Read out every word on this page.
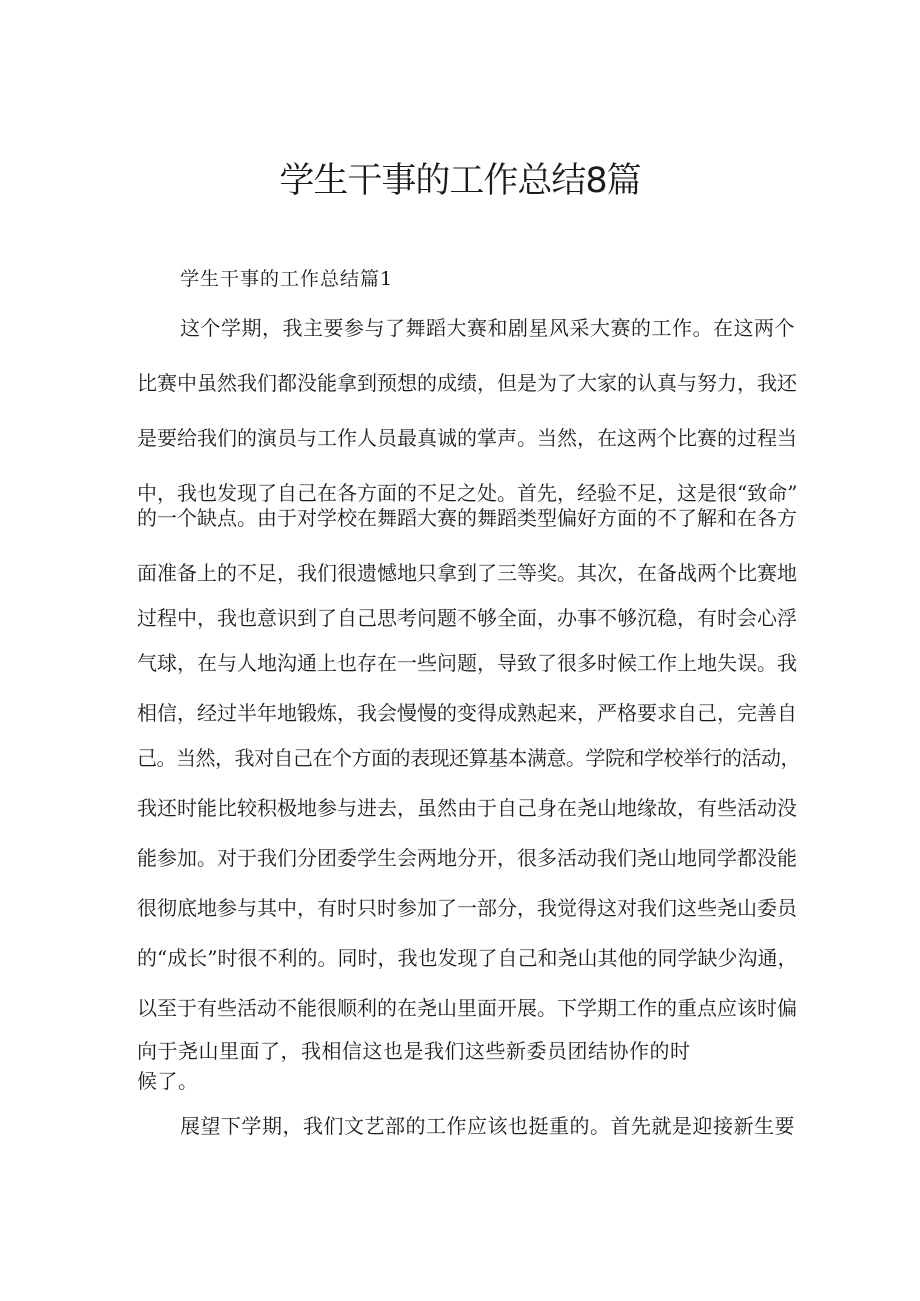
学生干事的工作总结8篇
学生干事的工作总结篇1

这个学期，我主要参与了舞蹈大赛和剧星风采大赛的工作。在这两个

比赛中虽然我们都没能拿到预想的成绩，但是为了大家的认真与努力，我还

是要给我们的演员与工作人员最真诚的掌声。当然，在这两个比赛的过程当

中，我也发现了自己在各方面的不足之处。首先，经验不足，这是很“致命”

的一个缺点。由于对学校在舞蹈大赛的舞蹈类型偏好方面的不了解和在各方

面准备上的不足，我们很遗憾地只拿到了三等奖。其次，在备战两个比赛地

过程中，我也意识到了自己思考问题不够全面，办事不够沉稳，有时会心浮

气球，在与人地沟通上也存在一些问题，导致了很多时候工作上地失误。我

相信，经过半年地锻炼，我会慢慢的变得成熟起来，严格要求自己，完善自

己。当然，我对自己在个方面的表现还算基本满意。学院和学校举行的活动，

我还时能比较积极地参与进去，虽然由于自己身在尧山地缘故，有些活动没

能参加。对于我们分团委学生会两地分开，很多活动我们尧山地同学都没能

很彻底地参与其中，有时只时参加了一部分，我觉得这对我们这些尧山委员

的“成长”时很不利的。同时，我也发现了自己和尧山其他的同学缺少沟通，

以至于有些活动不能很顺利的在尧山里面开展。下学期工作的重点应该时偏

向于尧山里面了，我相信这也是我们这些新委员团结协作的时

候了。

展望下学期，我们文艺部的工作应该也挺重的。首先就是迎接新生要
